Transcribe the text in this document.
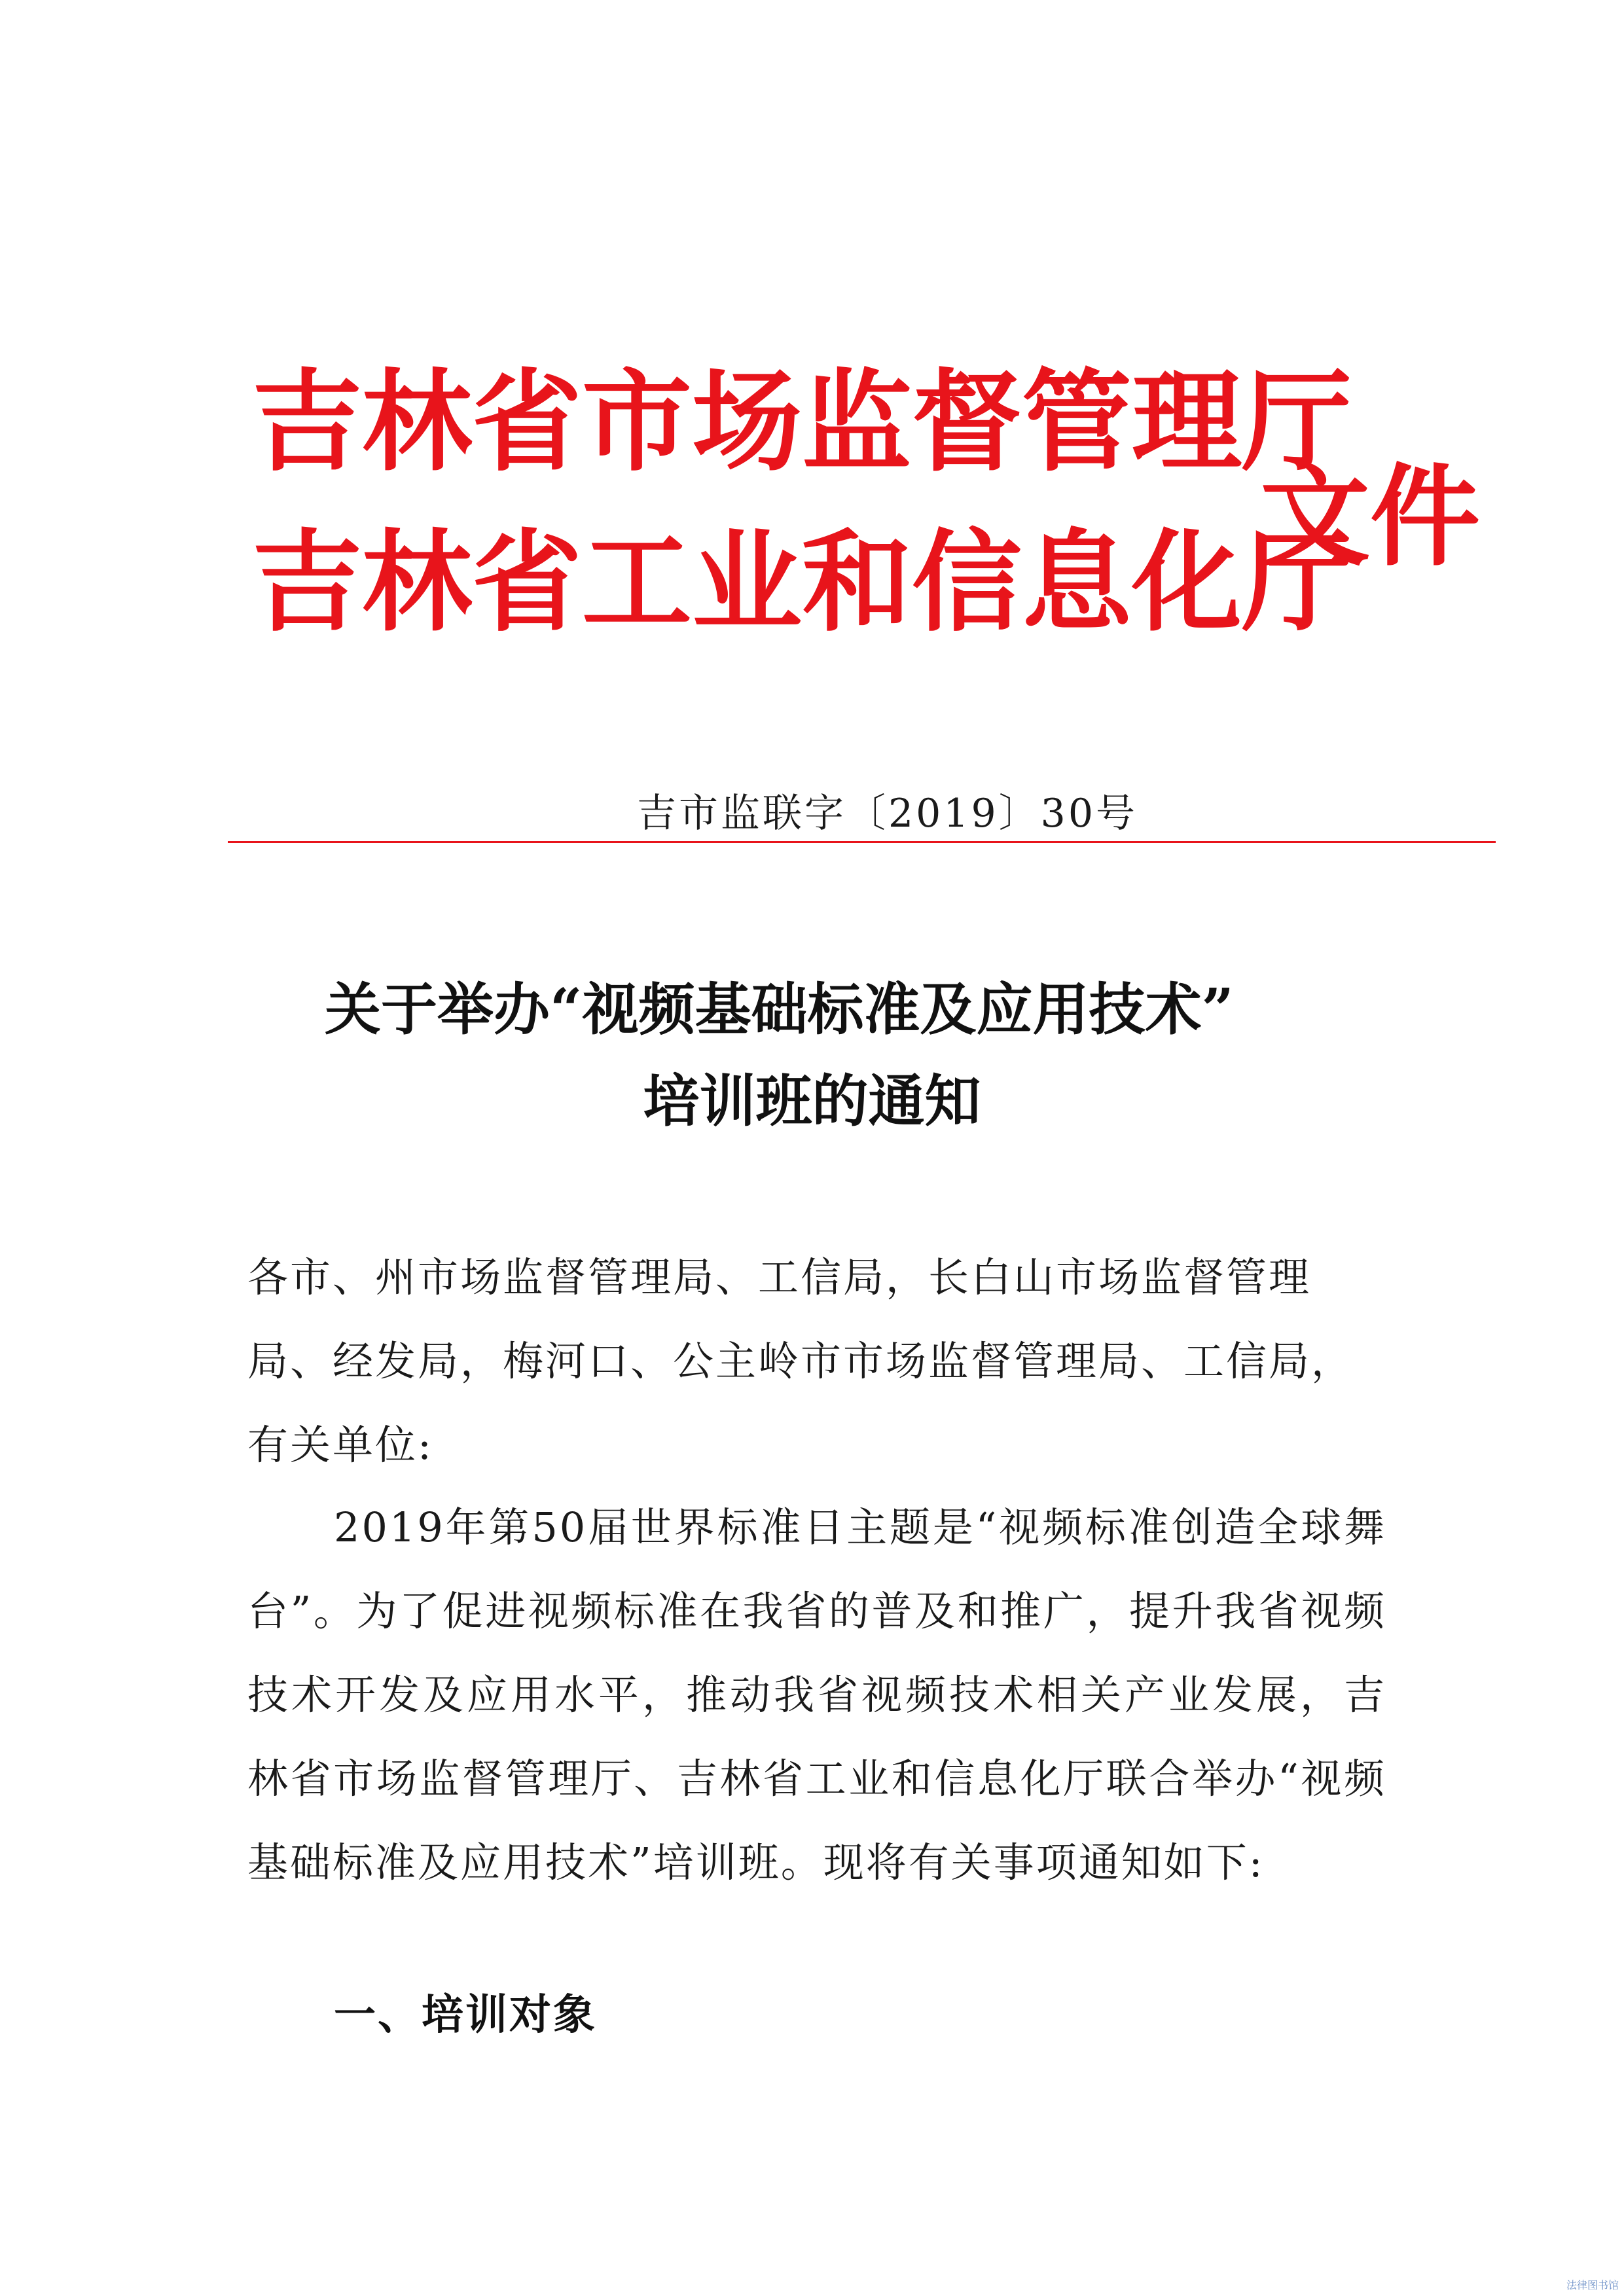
吉林省市场监督管理厅
吉林省工业和信息化厅
文件
吉市监联字〔2019〕30号
关于举办“视频基础标准及应用技术”
培训班的通知
各市、州市场监督管理局、工信局，长白山市场监督管理局、经发局，梅河口、公主岭市市场监督管理局、工信局，有关单位:
2019年第50届世界标准日主题是“视频标准创造全球舞台”。为了促进视频标准在我省的普及和推广，提升我省视频技术开发及应用水平，推动我省视频技术相关产业发展，吉林省市场监督管理厅、吉林省工业和信息化厅联合举办“视频基础标准及应用技术”培训班。现将有关事项通知如下:
一、培训对象
法律图书馆
